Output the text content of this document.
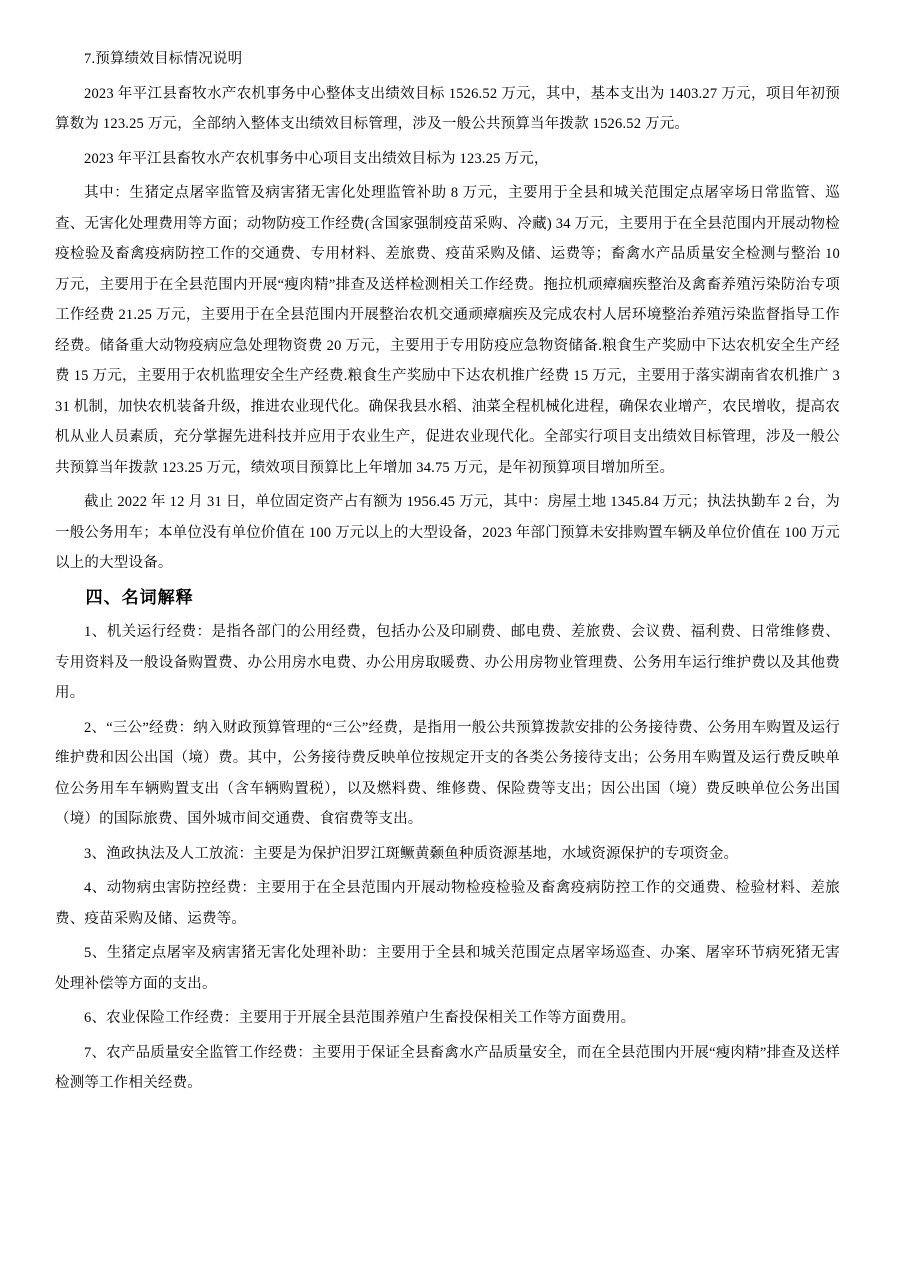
7.预算绩效目标情况说明

2023 年平江县畜牧水产农机事务中心整体支出绩效目标 1526.52 万元，其中，基本支出为 1403.27 万元，项目年初预算数为 123.25 万元，全部纳入整体支出绩效目标管理，涉及一般公共预算当年拨款 1526.52 万元。

2023 年平江县畜牧水产农机事务中心项目支出绩效目标为 123.25 万元，

其中：生猪定点屠宰监管及病害猪无害化处理监管补助 8 万元，主要用于全县和城关范围定点屠宰场日常监管、巡查、无害化处理费用等方面；动物防疫工作经费(含国家强制疫苗采购、冷藏) 34 万元，主要用于在全县范围内开展动物检疫检验及畜禽疫病防控工作的交通费、专用材料、差旅费、疫苗采购及储、运费等；畜禽水产品质量安全检测与整治 10 万元，主要用于在全县范围内开展“瘦肉精”排查及送样检测相关工作经费。拖拉机顽瘴痼疾整治及禽畜养殖污染防治专项工作经费 21.25 万元，主要用于在全县范围内开展整治农机交通顽瘴痼疾及完成农村人居环境整治养殖污染监督指导工作经费。储备重大动物疫病应急处理物资费 20 万元，主要用于专用防疫应急物资储备.粮食生产奖励中下达农机安全生产经费 15 万元，主要用于农机监理安全生产经费.粮食生产奖励中下达农机推广经费 15 万元，主要用于落实湖南省农机推广 331 机制，加快农机装备升级，推进农业现代化。确保我县水稻、油菜全程机械化进程，确保农业增产，农民增收，提高农机从业人员素质，充分掌握先进科技并应用于农业生产，促进农业现代化。全部实行项目支出绩效目标管理，涉及一般公共预算当年拨款 123.25 万元，绩效项目预算比上年增加 34.75 万元，是年初预算项目增加所至。

截止 2022 年 12 月 31 日，单位固定资产占有额为 1956.45 万元，其中：房屋土地 1345.84 万元；执法执勤车 2 台，为一般公务用车；本单位没有单位价值在 100 万元以上的大型设备，2023 年部门预算未安排购置车辆及单位价值在 100 万元以上的大型设备。

四、名词解释

1、机关运行经费：是指各部门的公用经费，包括办公及印刷费、邮电费、差旅费、会议费、福利费、日常维修费、专用资料及一般设备购置费、办公用房水电费、办公用房取暖费、办公用房物业管理费、公务用车运行维护费以及其他费用。

2、“三公”经费：纳入财政预算管理的“三公”经费，是指用一般公共预算拨款安排的公务接待费、公务用车购置及运行维护费和因公出国（境）费。其中，公务接待费反映单位按规定开支的各类公务接待支出；公务用车购置及运行费反映单位公务用车车辆购置支出（含车辆购置税），以及燃料费、维修费、保险费等支出；因公出国（境）费反映单位公务出国（境）的国际旅费、国外城市间交通费、食宿费等支出。

3、渔政执法及人工放流：主要是为保护汨罗江斑鳜黄颡鱼种质资源基地，水域资源保护的专项资金。

4、动物病虫害防控经费：主要用于在全县范围内开展动物检疫检验及畜禽疫病防控工作的交通费、检验材料、差旅费、疫苗采购及储、运费等。

5、生猪定点屠宰及病害猪无害化处理补助：主要用于全县和城关范围定点屠宰场巡查、办案、屠宰环节病死猪无害处理补偿等方面的支出。

6、农业保险工作经费：主要用于开展全县范围养殖户生畜投保相关工作等方面费用。

7、农产品质量安全监管工作经费：主要用于保证全县畜禽水产品质量安全，而在全县范围内开展“瘦肉精”排查及送样检测等工作相关经费。
